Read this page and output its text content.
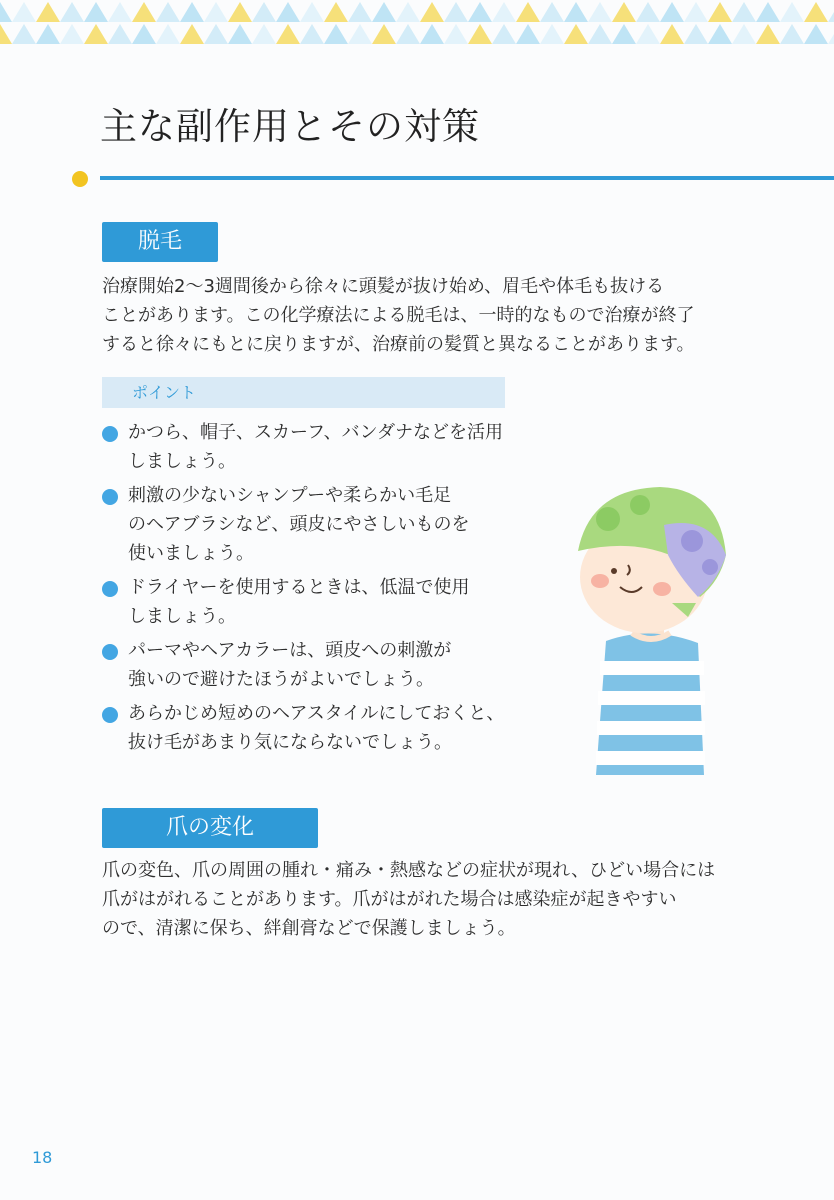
主な副作用とその対策
脱毛

治療開始2～3週間後から徐々に頭髪が抜け始め、眉毛や体毛も抜ける
ことがあります。この化学療法による脱毛は、一時的なもので治療が終了
すると徐々にもとに戻りますが、治療前の髪質と異なることがあります。

ポイント
かつら、帽子、スカーフ、バンダナなどを活用
しましょう。
刺激の少ないシャンプーや柔らかい毛足
のヘアブラシなど、頭皮にやさしいものを
使いましょう。
ドライヤーを使用するときは、低温で使用
しましょう。
パーマやヘアカラーは、頭皮への刺激が
強いので避けたほうがよいでしょう。
あらかじめ短めのヘアスタイルにしておくと、
抜け毛があまり気にならないでしょう。
爪の変化

爪の変色、爪の周囲の腫れ・痛み・熱感などの症状が現れ、ひどい場合には
爪がはがれることがあります。爪がはがれた場合は感染症が起きやすい
ので、清潔に保ち、絆創膏などで保護しましょう。

18
